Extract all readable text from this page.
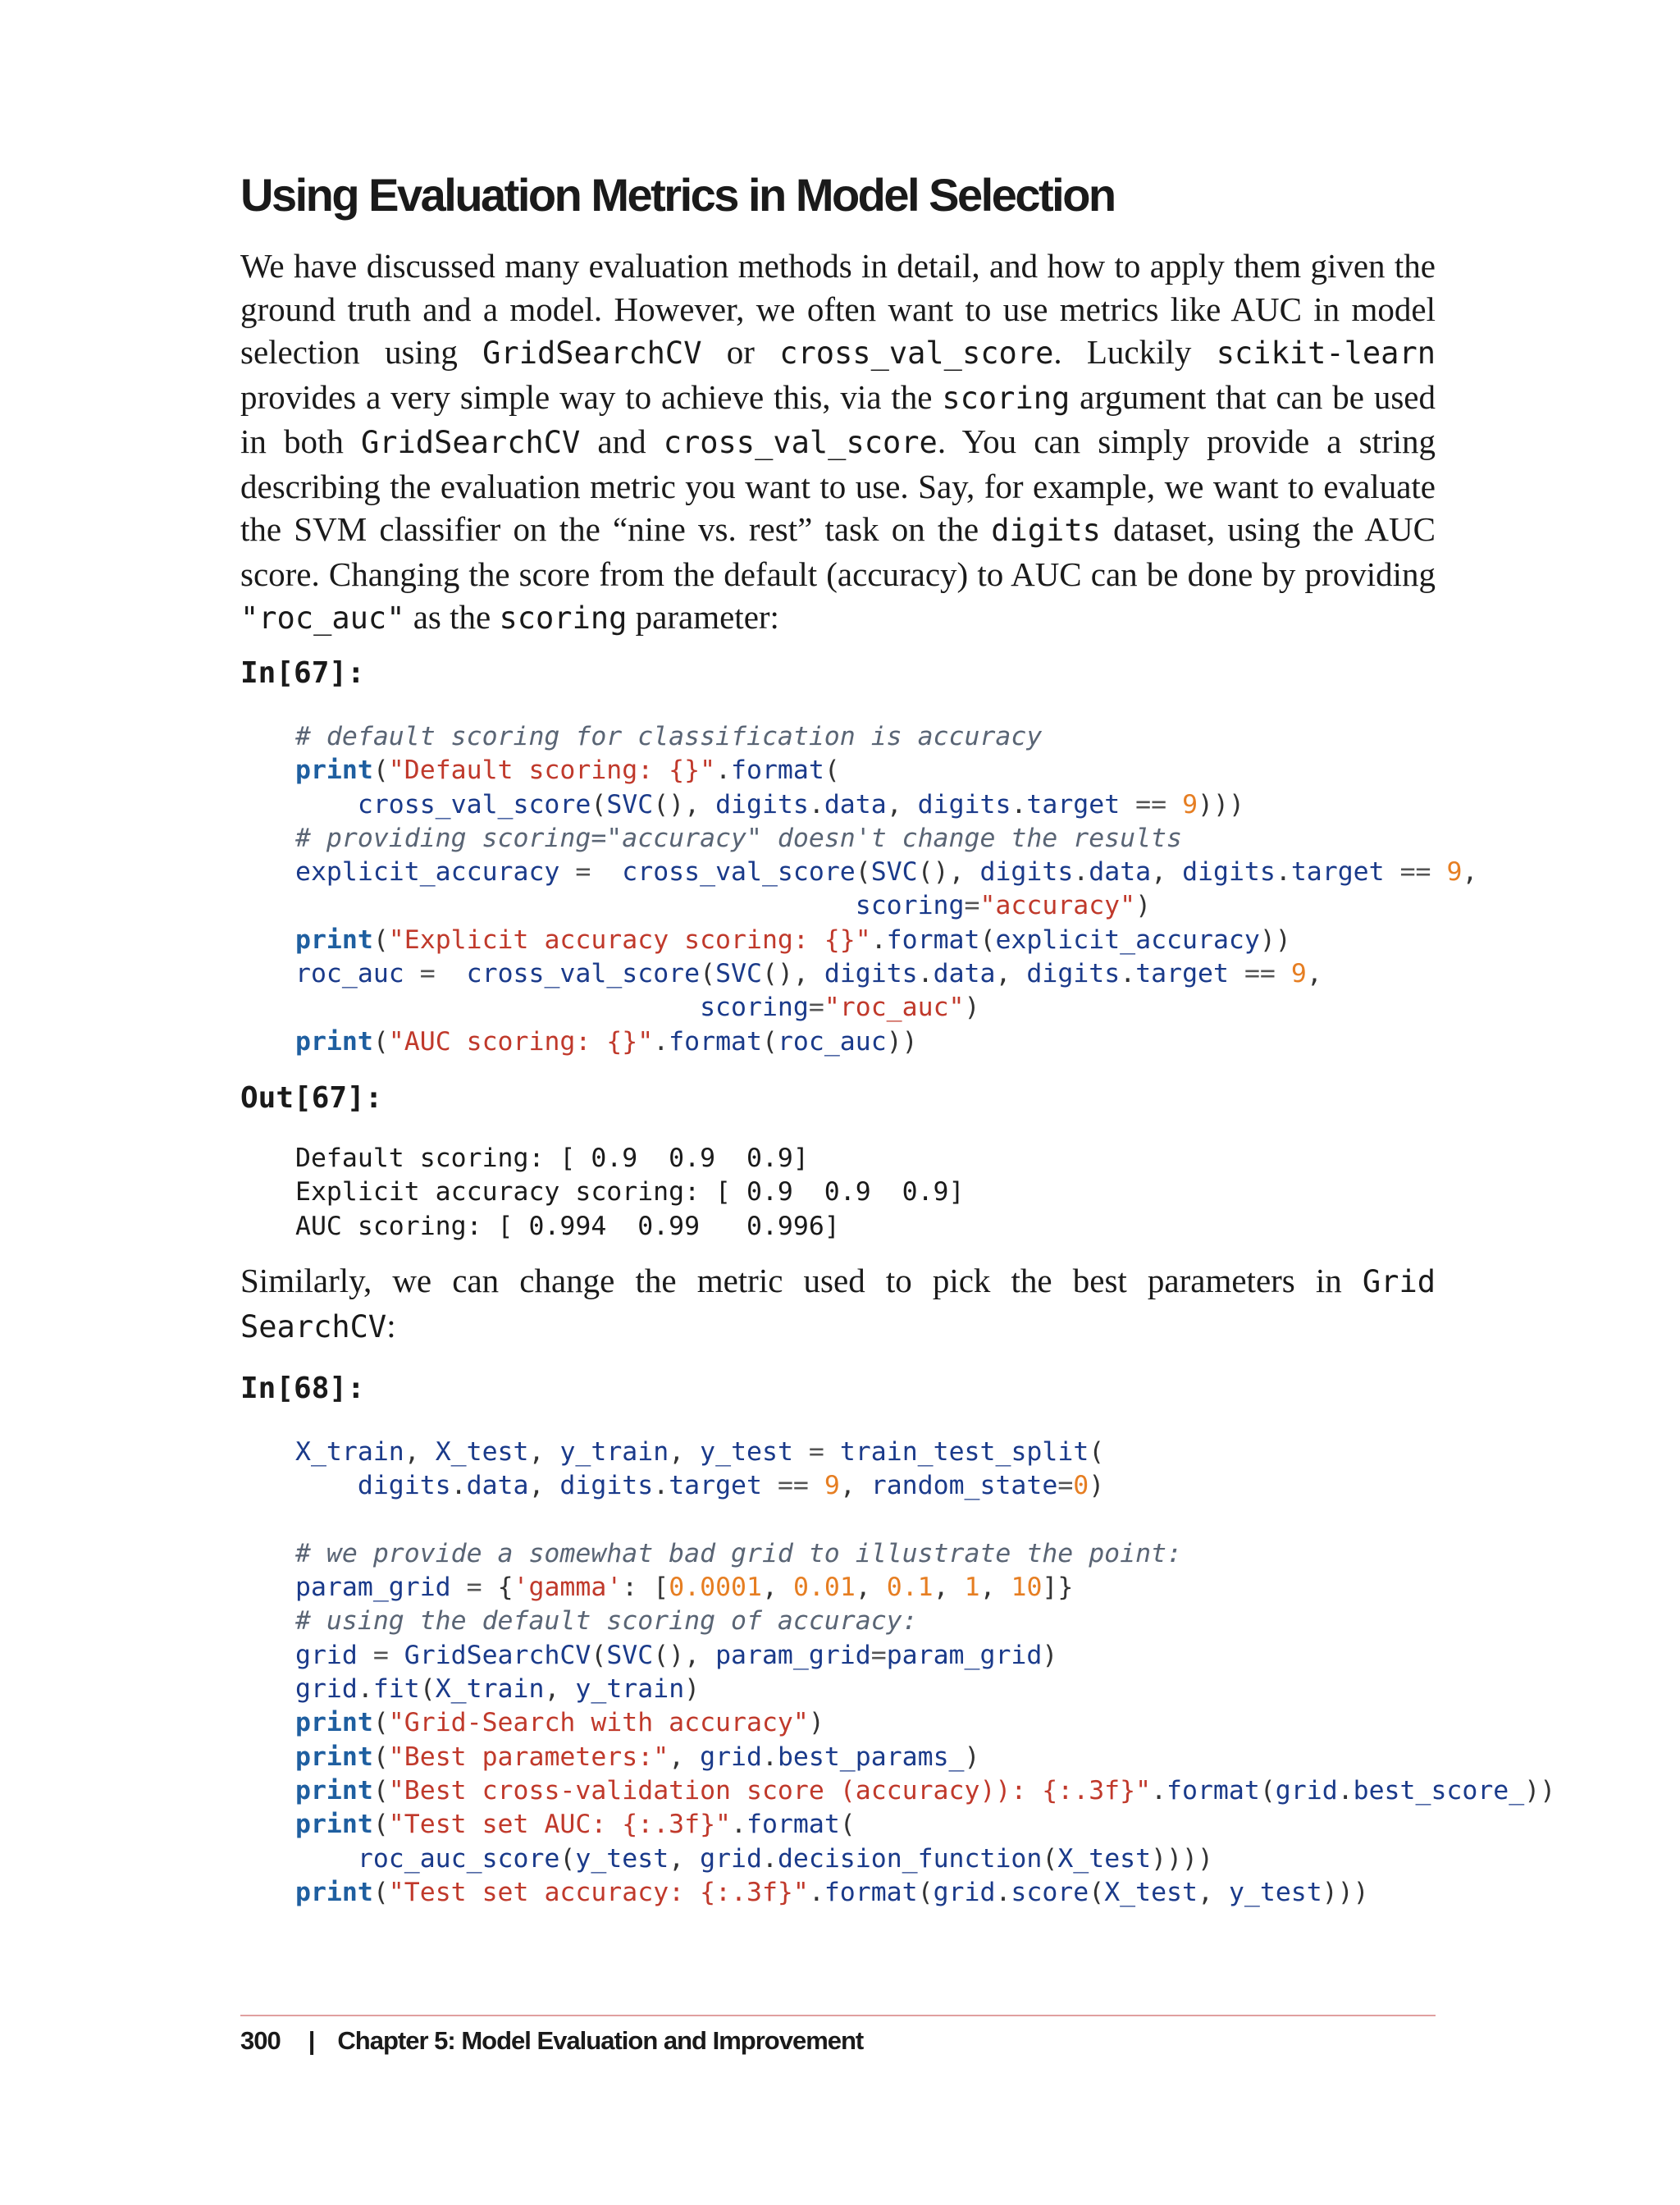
Using Evaluation Metrics in Model Selection

We have discussed many evaluation methods in detail, and how to apply them given the ground truth and a model. However, we often want to use metrics like AUC in model selection using GridSearchCV or cross_val_score. Luckily scikit-learn provides a very simple way to achieve this, via the scoring argument that can be used in both GridSearchCV and cross_val_score. You can simply provide a string describing the evaluation metric you want to use. Say, for example, we want to evaluate the SVM classifier on the “nine vs. rest” task on the digits dataset, using the AUC score. Changing the score from the default (accuracy) to AUC can be done by providing "roc_auc" as the scoring parameter:

In[67]:
# default scoring for classification is accuracy
print("Default scoring: {}".format(
cross_val_score(SVC(), digits.data, digits.target == 9)))
# providing scoring="accuracy" doesn't change the results
explicit_accuracy =  cross_val_score(SVC(), digits.data, digits.target == 9,
scoring="accuracy")
print("Explicit accuracy scoring: {}".format(explicit_accuracy))
roc_auc =  cross_val_score(SVC(), digits.data, digits.target == 9,
scoring="roc_auc")
print("AUC scoring: {}".format(roc_auc))
Out[67]:
Default scoring: [ 0.9  0.9  0.9]
Explicit accuracy scoring: [ 0.9  0.9  0.9]
AUC scoring: [ 0.994  0.99   0.996]

Similarly, we can change the metric used to pick the best parameters in Grid SearchCV:

In[68]:
X_train, X_test, y_train, y_test = train_test_split(
digits.data, digits.target == 9, random_state=0)
# we provide a somewhat bad grid to illustrate the point:
param_grid = {'gamma': [0.0001, 0.01, 0.1, 1, 10]}
# using the default scoring of accuracy:
grid = GridSearchCV(SVC(), param_grid=param_grid)
grid.fit(X_train, y_train)
print("Grid-Search with accuracy")
print("Best parameters:", grid.best_params_)
print("Best cross-validation score (accuracy)): {:.3f}".format(grid.best_score_))
print("Test set AUC: {:.3f}".format(
roc_auc_score(y_test, grid.decision_function(X_test))))
print("Test set accuracy: {:.3f}".format(grid.score(X_test, y_test)))
300 | Chapter 5: Model Evaluation and Improvement
